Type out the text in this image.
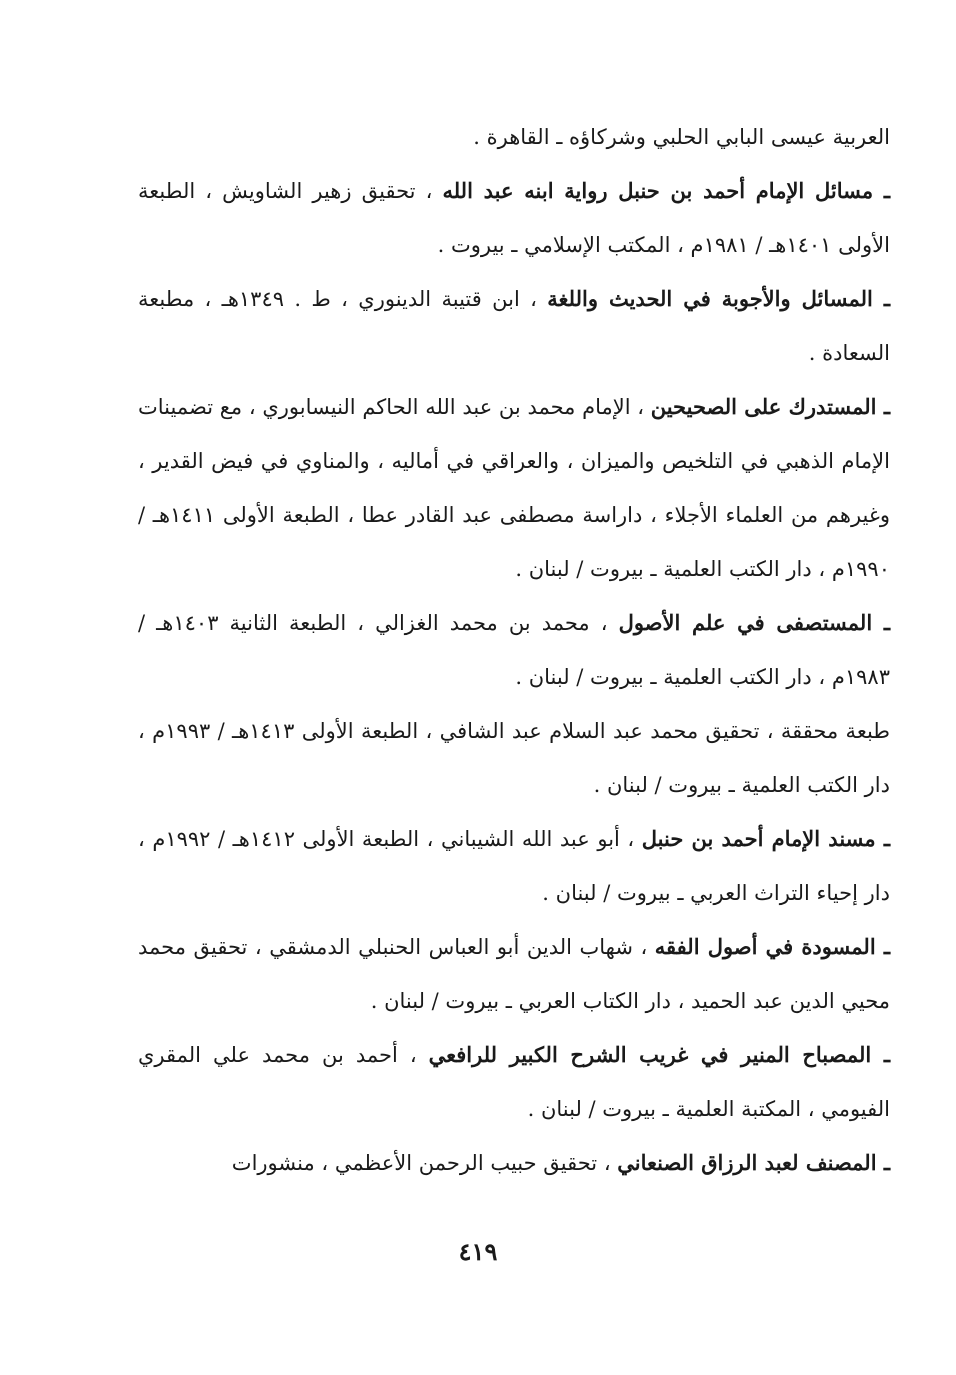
العربية عيسى البابي الحلبي وشركاؤه ـ القاهرة .

ـ مسائل الإمام أحمد بن حنبل رواية ابنه عبد الله ، تحقيق زهير الشاويش ، الطبعة الأولى ١٤٠١هـ / ١٩٨١م ، المكتب الإسلامي ـ بيروت .

ـ المسائل والأجوبة في الحديث واللغة ، ابن قتيبة الدينوري ، ط . ١٣٤٩هـ ، مطبعة السعادة .

ـ المستدرك على الصحيحين ، الإمام محمد بن عبد الله الحاكم النيسابوري ، مع تضمينات الإمام الذهبي في التلخيص والميزان ، والعراقي في أماليه ، والمناوي في فيض القدير ، وغيرهم من العلماء الأجلاء ، داراسة مصطفى عبد القادر عطا ، الطبعة الأولى ١٤١١هـ / ١٩٩٠م ، دار الكتب العلمية ـ بيروت / لبنان .

ـ المستصفى في علم الأصول ، محمد بن محمد الغزالي ، الطبعة الثانية ١٤٠٣هـ / ١٩٨٣م ، دار الكتب العلمية ـ بيروت / لبنان .

طبعة محققة ، تحقيق محمد عبد السلام عبد الشافي ، الطبعة الأولى ١٤١٣هـ / ١٩٩٣م ، دار الكتب العلمية ـ بيروت / لبنان .

ـ مسند الإمام أحمد بن حنبل ، أبو عبد الله الشيباني ، الطبعة الأولى ١٤١٢هـ / ١٩٩٢م ، دار إحياء التراث العربي ـ بيروت / لبنان .

ـ المسودة في أصول الفقه ، شهاب الدين أبو العباس الحنبلي الدمشقي ، تحقيق محمد محيي الدين عبد الحميد ، دار الكتاب العربي ـ بيروت / لبنان .

ـ المصباح المنير في غريب الشرح الكبير للرافعي ، أحمد بن محمد علي المقري الفيومي ، المكتبة العلمية ـ بيروت / لبنان .

ـ المصنف لعبد الرزاق الصنعاني ، تحقيق حبيب الرحمن الأعظمي ، منشورات

٤١٩
